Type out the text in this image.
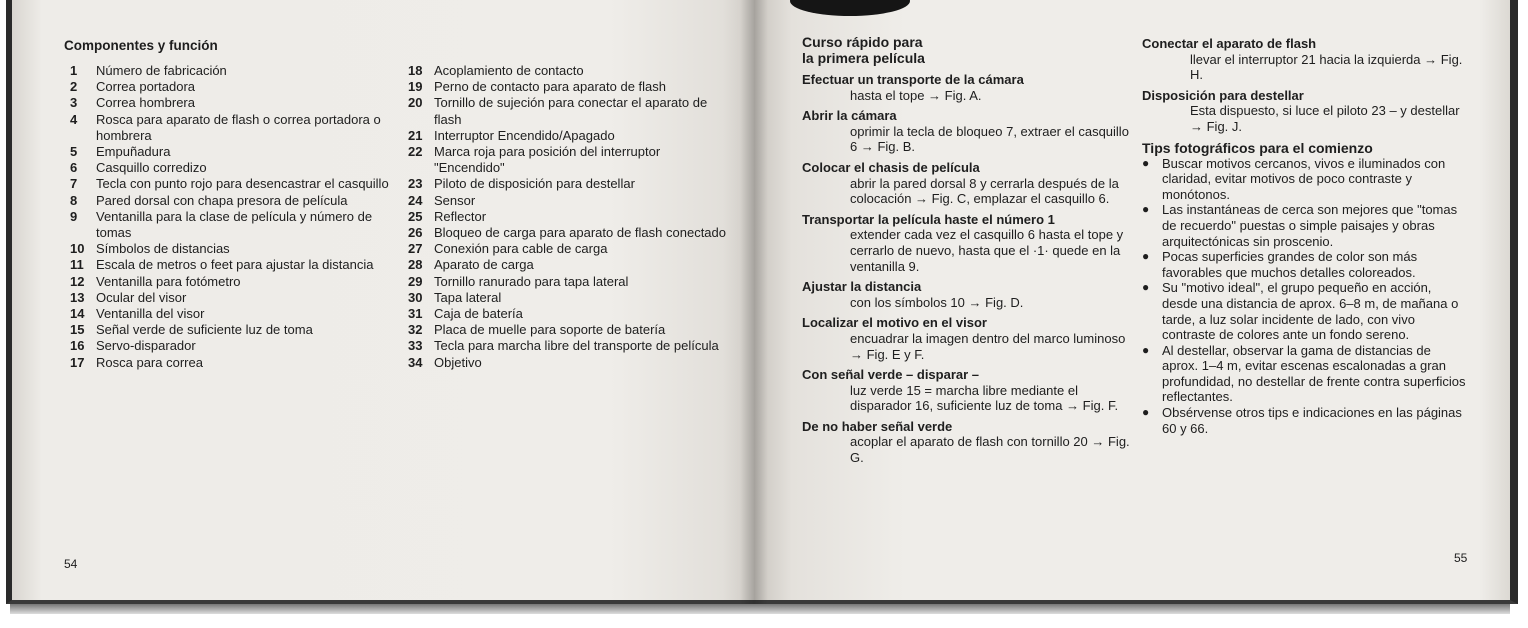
Componentes y función
1	Número de fabricación
2	Correa portadora
3	Correa hombrera
4	Rosca para aparato de flash o correa portadora o hombrera
5	Empuñadura
6	Casquillo corredizo
7	Tecla con punto rojo para desencastrar el casquillo
8	Pared dorsal con chapa presora de película
9	Ventanilla para la clase de película y número de tomas
10 Símbolos de distancias
11 Escala de metros o feet para ajustar la distancia
12 Ventanilla para fotómetro
13 Ocular del visor
14 Ventanilla del visor
15 Señal verde de suficiente luz de toma
16 Servo-disparador
17 Rosca para correa
18 Acoplamiento de contacto
19 Perno de contacto para aparato de flash
20 Tornillo de sujeción para conectar el aparato de flash
21 Interruptor Encendido/Apagado
22 Marca roja para posición del interruptor "Encendido"
23 Piloto de disposición para destellar
24 Sensor
25 Reflector
26 Bloqueo de carga para aparato de flash conectado
27 Conexión para cable de carga
28 Aparato de carga
29 Tornillo ranurado para tapa lateral
30 Tapa lateral
31 Caja de batería
32 Placa de muelle para soporte de batería
33 Tecla para marcha libre del transporte de película
34 Objetivo
54
Curso rápido para
la primera película
Efectuar un transporte de la cámara
hasta el tope → Fig. A.
Abrir la cámara
oprimir la tecla de bloqueo 7, extraer el casquillo 6 → Fig. B.
Colocar el chasis de película
abrir la pared dorsal 8 y cerrarla después de la colocación → Fig. C, emplazar el casquillo 6.
Transportar la película haste el número 1
extender cada vez el casquillo 6 hasta el tope y cerrarlo de nuevo, hasta que el ·1· quede en la ventanilla 9.
Ajustar la distancia
con los símbolos 10 → Fig. D.
Localizar el motivo en el visor
encuadrar la imagen dentro del marco luminoso → Fig. E y F.
Con señal verde – disparar –
luz verde 15 = marcha libre mediante el disparador 16, suficiente luz de toma → Fig. F.
De no haber señal verde
acoplar el aparato de flash con tornillo 20 → Fig. G.
Conectar el aparato de flash
llevar el interruptor 21 hacia la izquierda → Fig. H.
Disposición para destellar
Esta dispuesto, si luce el piloto 23 – y destellar → Fig. J.
Tips fotográficos para el comienzo
● Buscar motivos cercanos, vivos e iluminados con claridad, evitar motivos de poco contraste y monótonos.
● Las instantáneas de cerca son mejores que "tomas de recuerdo" puestas o simple paisajes y obras arquitectónicas sin proscenio.
● Pocas superficies grandes de color son más favorables que muchos detalles coloreados.
● Su "motivo ideal", el grupo pequeño en acción, desde una distancia de aprox. 6–8 m, de mañana o tarde, a luz solar incidente de lado, con vivo contraste de colores ante un fondo sereno.
● Al destellar, observar la gama de distancias de aprox. 1–4 m, evitar escenas escalonadas a gran profundidad, no destellar de frente contra superficios reflectantes.
● Obsérvense otros tips e indicaciones en las páginas 60 y 66.
55
